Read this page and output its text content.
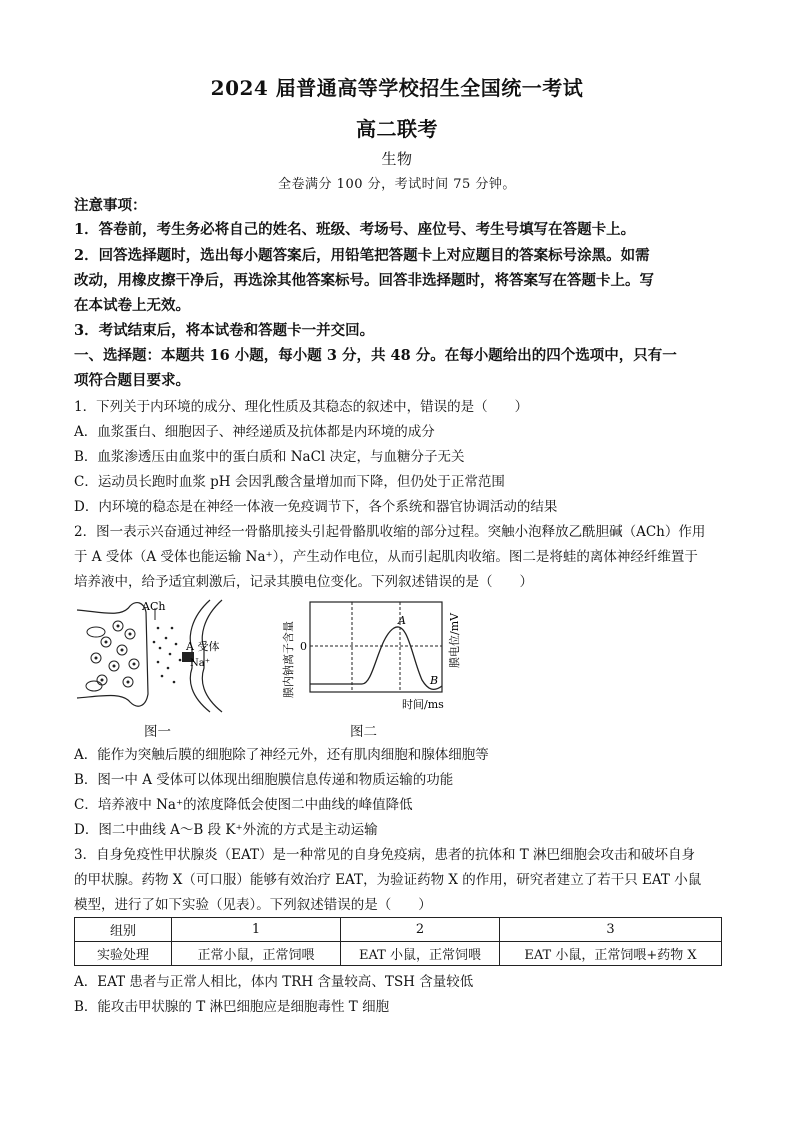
2024 届普通高等学校招生全国统一考试
高二联考
生物
全卷满分 100 分，考试时间 75 分钟。
注意事项：
1．答卷前，考生务必将自己的姓名、班级、考场号、座位号、考生号填写在答题卡上。
2．回答选择题时，选出每小题答案后，用铅笔把答题卡上对应题目的答案标号涂黑。如需
改动，用橡皮擦干净后，再选涂其他答案标号。回答非选择题时，将答案写在答题卡上。写
在本试卷上无效。
3．考试结束后，将本试卷和答题卡一并交回。
一、选择题：本题共 16 小题，每小题 3 分，共 48 分。在每小题给出的四个选项中，只有一
项符合题目要求。
1．下列关于内环境的成分、理化性质及其稳态的叙述中，错误的是（　　）
A．血浆蛋白、细胞因子、神经递质及抗体都是内环境的成分
B．血浆渗透压由血浆中的蛋白质和 NaCl 决定，与血糖分子无关
C．运动员长跑时血浆 pH 会因乳酸含量增加而下降，但仍处于正常范围
D．内环境的稳态是在神经一体液一免疫调节下，各个系统和器官协调活动的结果
2．图一表示兴奋通过神经一骨骼肌接头引起骨骼肌收缩的部分过程。突触小泡释放乙酰胆碱（ACh）作用
于 A 受体（A 受体也能运输 Na⁺），产生动作电位，从而引起肌肉收缩。图二是将蛙的离体神经纤维置于
培养液中，给予适宜刺激后，记录其膜电位变化。下列叙述错误的是（　　）
ACh
A 受体
Na⁺
图一
膜内钠离子含量	膜电位/mV
0
A
B
时间/ms
图二
A．能作为突触后膜的细胞除了神经元外，还有肌肉细胞和腺体细胞等
B．图一中 A 受体可以体现出细胞膜信息传递和物质运输的功能
C．培养液中 Na⁺的浓度降低会使图二中曲线的峰值降低
D．图二中曲线 A～B 段 K⁺外流的方式是主动运输
3．自身免疫性甲状腺炎（EAT）是一种常见的自身免疫病，患者的抗体和 T 淋巴细胞会攻击和破坏自身
的甲状腺。药物 X（可口服）能够有效治疗 EAT，为验证药物 X 的作用，研究者建立了若干只 EAT 小鼠
模型，进行了如下实验（见表）。下列叙述错误的是（　　）
组别	1	2	3
实验处理	正常小鼠，正常饲喂	EAT 小鼠，正常饲喂	EAT 小鼠，正常饲喂+药物 X
A．EAT 患者与正常人相比，体内 TRH 含量较高、TSH 含量较低
B．能攻击甲状腺的 T 淋巴细胞应是细胞毒性 T 细胞
